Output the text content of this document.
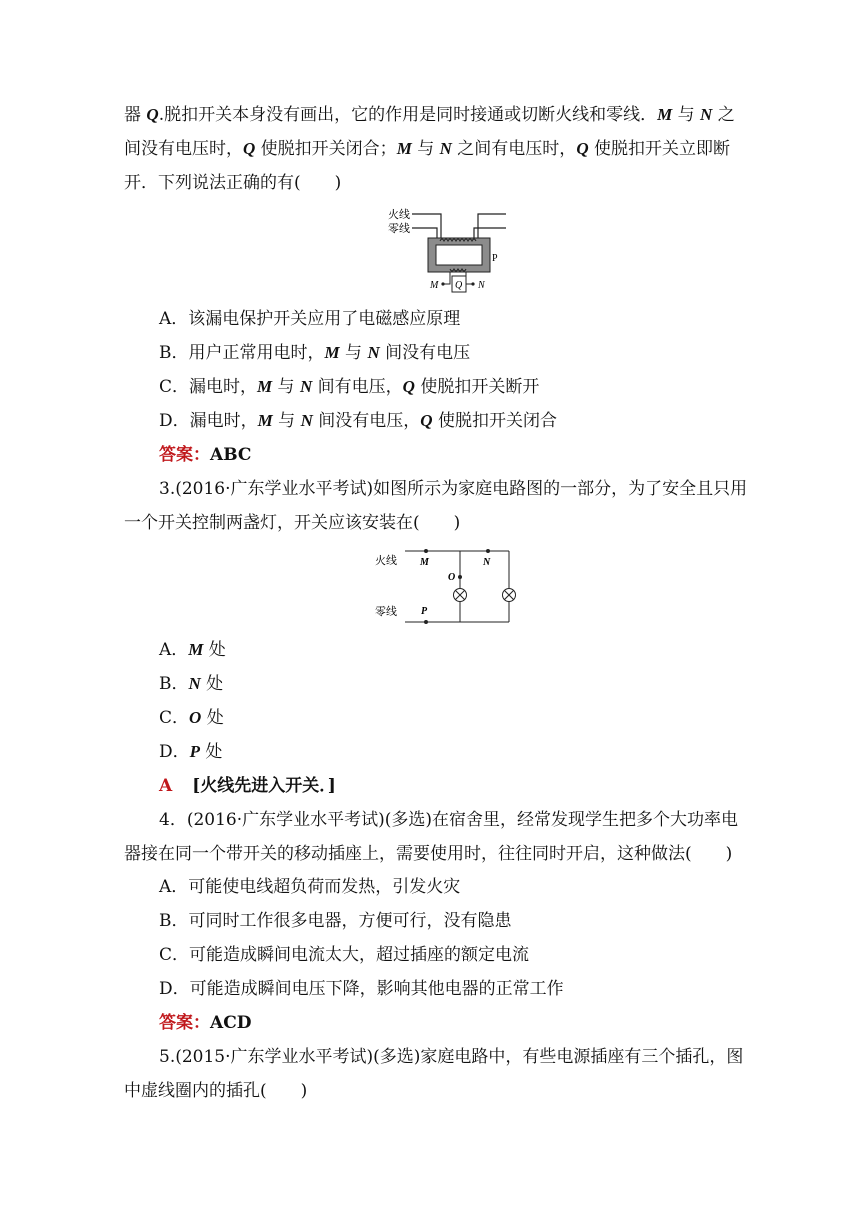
器 Q.脱扣开关本身没有画出，它的作用是同时接通或切断火线和零线．M 与 N 之
间没有电压时，Q 使脱扣开关闭合；M 与 N 之间有电压时，Q 使脱扣开关立即断
开．下列说法正确的有(　　)
火线
零线
P
Q
M	N
A．该漏电保护开关应用了电磁感应原理
B．用户正常用电时，M 与 N 间没有电压
C．漏电时，M 与 N 间有电压，Q 使脱扣开关断开
D．漏电时，M 与 N 间没有电压，Q 使脱扣开关闭合
答案：ABC
3.(2016·广东学业水平考试)如图所示为家庭电路图的一部分，为了安全且只用
一个开关控制两盏灯，开关应该安装在(　　)
火线
零线
M	N
O
P
A．M 处
B．N 处
C．O 处
D．P 处
A [火线先进入开关．]
4．(2016·广东学业水平考试)(多选)在宿舍里，经常发现学生把多个大功率电
器接在同一个带开关的移动插座上，需要使用时，往往同时开启，这种做法(　　)
A．可能使电线超负荷而发热，引发火灾
B．可同时工作很多电器，方便可行，没有隐患
C．可能造成瞬间电流太大，超过插座的额定电流
D．可能造成瞬间电压下降，影响其他电器的正常工作
答案：ACD
5.(2015·广东学业水平考试)(多选)家庭电路中，有些电源插座有三个插孔，图
中虚线圈内的插孔(　　)
